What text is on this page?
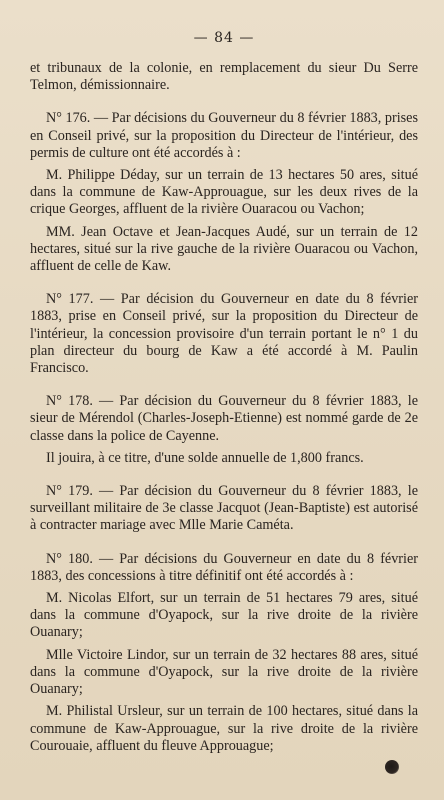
— 84 —

et tribunaux de la colonie, en remplacement du sieur Du Serre Telmon, démissionnaire.

N° 176. — Par décisions du Gouverneur du 8 février 1883, prises en Conseil privé, sur la proposition du Directeur de l'intérieur, des permis de culture ont été accordés à :

M. Philippe Déday, sur un terrain de 13 hectares 50 ares, situé dans la commune de Kaw-Approuague, sur les deux rives de la crique Georges, affluent de la rivière Ouaracou ou Vachon;

MM. Jean Octave et Jean-Jacques Audé, sur un terrain de 12 hectares, situé sur la rive gauche de la rivière Ouaracou ou Vachon, affluent de celle de Kaw.

N° 177. — Par décision du Gouverneur en date du 8 février 1883, prise en Conseil privé, sur la proposition du Directeur de l'intérieur, la concession provisoire d'un terrain portant le n° 1 du plan directeur du bourg de Kaw a été accordé à M. Paulin Francisco.

N° 178. — Par décision du Gouverneur du 8 février 1883, le sieur de Mérendol (Charles-Joseph-Etienne) est nommé garde de 2e classe dans la police de Cayenne.

Il jouira, à ce titre, d'une solde annuelle de 1,800 francs.

N° 179. — Par décision du Gouverneur du 8 février 1883, le surveillant militaire de 3e classe Jacquot (Jean-Baptiste) est autorisé à contracter mariage avec Mlle Marie Caméta.

N° 180. — Par décisions du Gouverneur en date du 8 février 1883, des concessions à titre définitif ont été accordés à :

M. Nicolas Elfort, sur un terrain de 51 hectares 79 ares, situé dans la commune d'Oyapock, sur la rive droite de la rivière Ouanary;

Mlle Victoire Lindor, sur un terrain de 32 hectares 88 ares, situé dans la commune d'Oyapock, sur la rive droite de la rivière Ouanary;

M. Philistal Ursleur, sur un terrain de 100 hectares, situé dans la commune de Kaw-Approuague, sur la rive droite de la rivière Courouaie, affluent du fleuve Approuague;
